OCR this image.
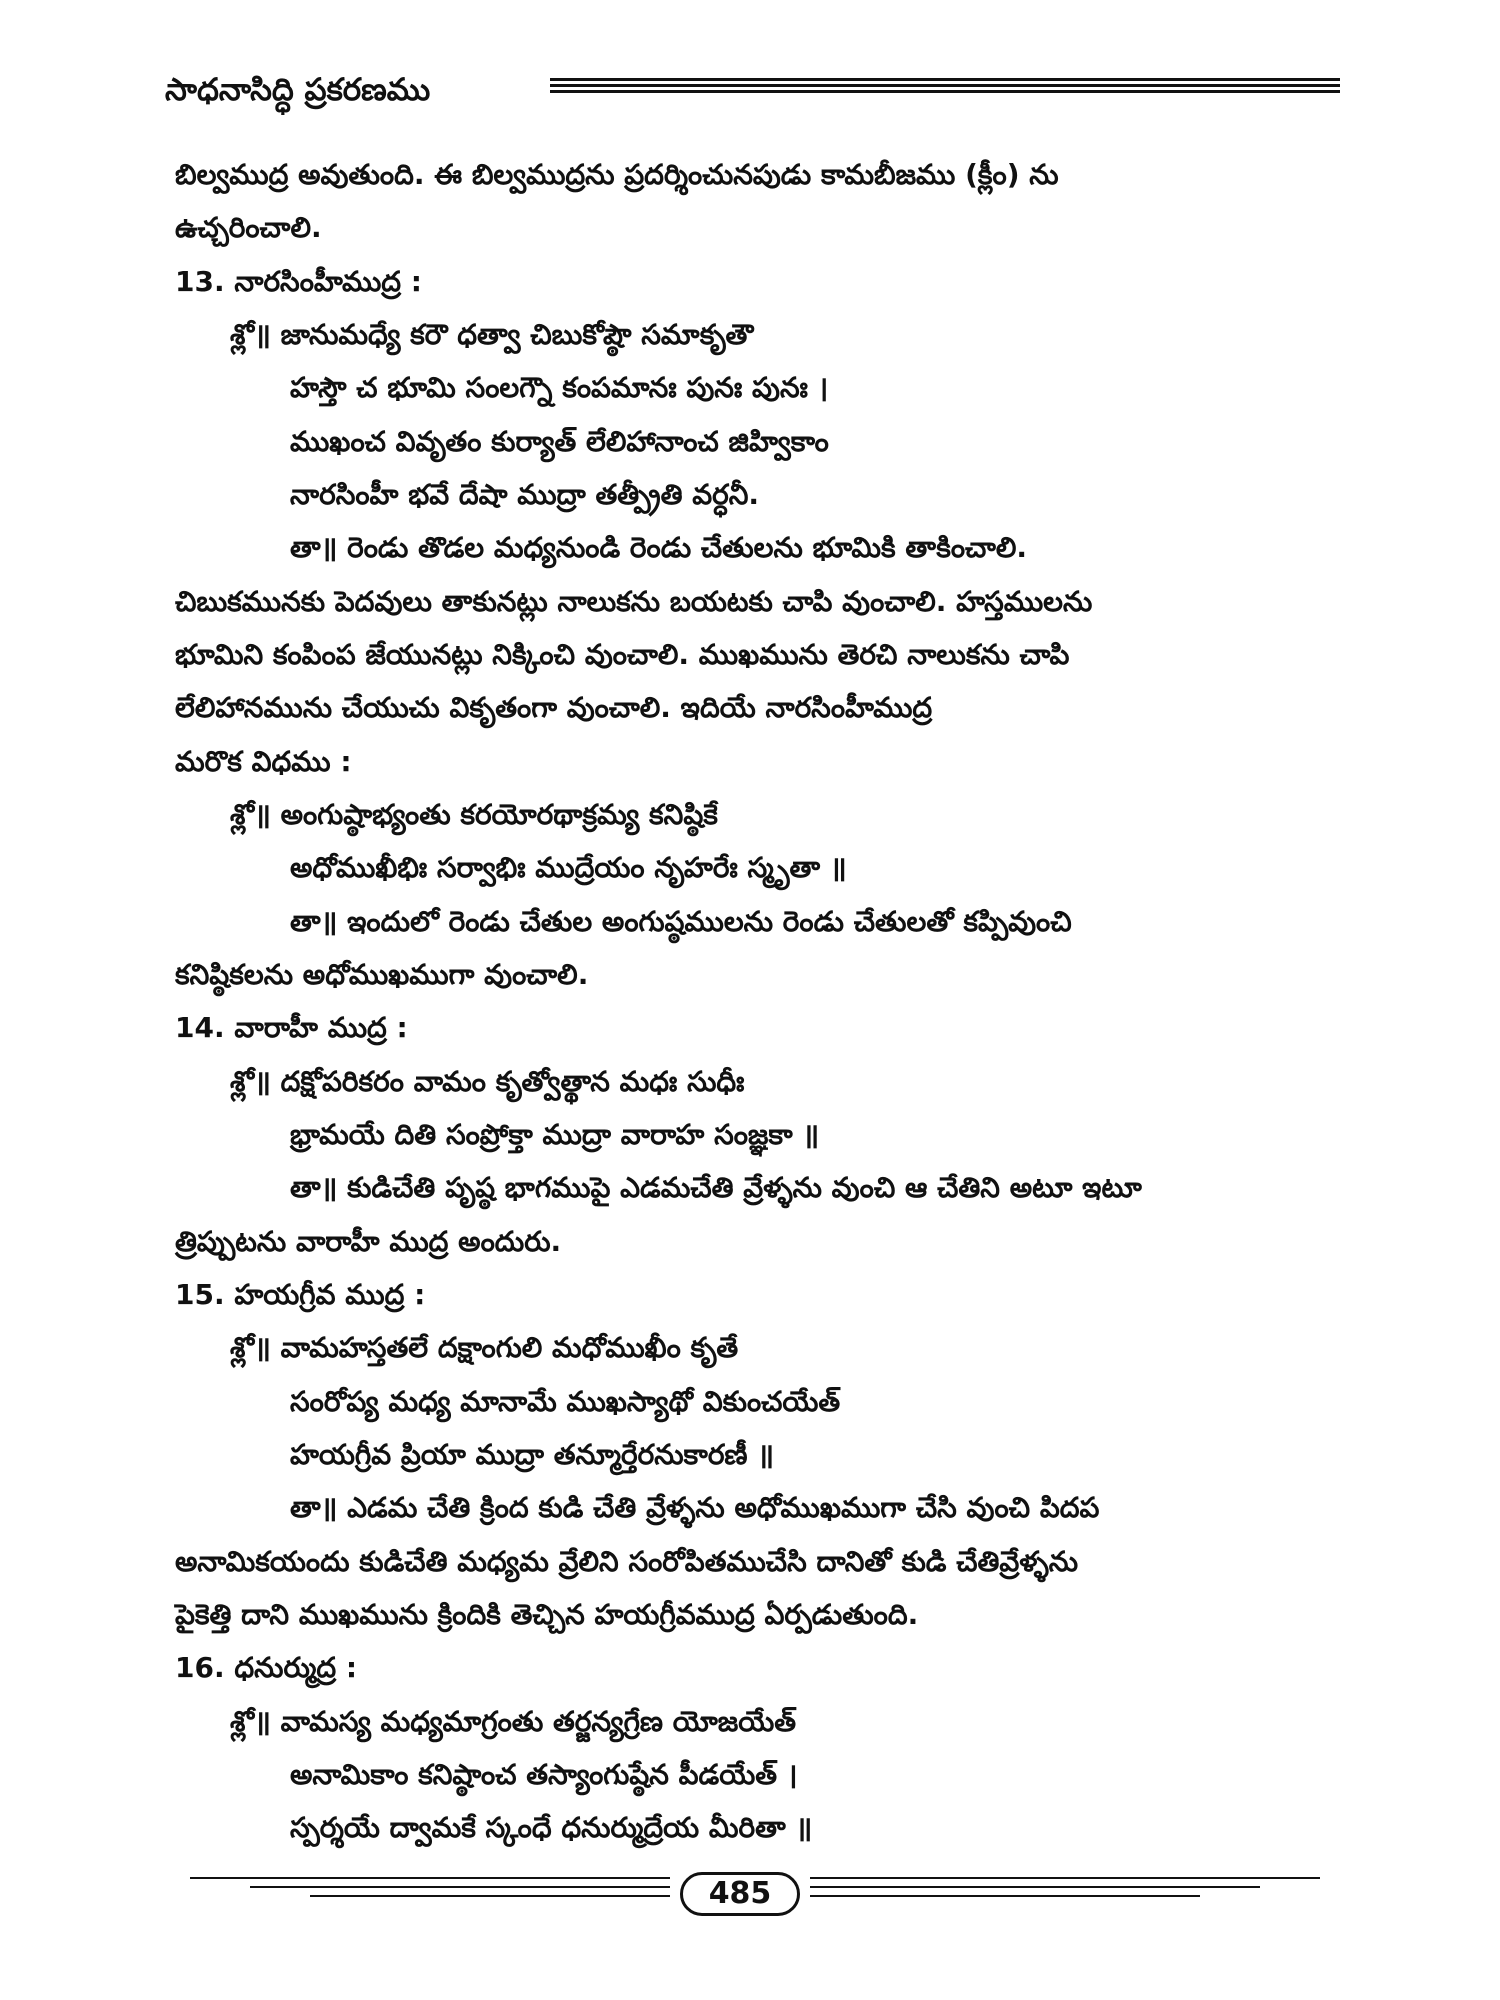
సాధనాసిద్ధి ప్రకరణము
బిల్వముద్ర అవుతుంది. ఈ బిల్వముద్రను ప్రదర్శించునపుడు కామబీజము (క్లీం) ను
ఉచ్చరించాలి.
13. నారసింహీముద్ర :
శ్లో॥ జానుమధ్యే కరౌ ధత్వా చిబుకోష్ఠౌ సమాకృతౌ
హస్తౌ చ భూమి సంలగ్నౌ కంపమానః పునః పునః ।
ముఖంచ వివృతం కుర్యాత్ లేలిహానాంచ జిహ్వికాం
నారసింహీ భవే దేషా ముద్రా తత్ప్రీతి వర్ధనీ.
తా॥ రెండు తొడల మధ్యనుండి రెండు చేతులను భూమికి తాకించాలి.
చిబుకమునకు పెదవులు తాకునట్లు నాలుకను బయటకు చాపి వుంచాలి. హస్తములను
భూమిని కంపింప జేయునట్లు నిక్కించి వుంచాలి. ముఖమును తెరచి నాలుకను చాపి
లేలిహానమును చేయుచు వికృతంగా వుంచాలి. ఇదియే నారసింహీముద్ర
మరొక విధము :
శ్లో॥ అంగుష్ఠాభ్యంతు కరయోరథాక్రమ్య కనిష్ఠికే
అధోముఖీభిః సర్వాభిః ముద్రేయం నృహరేః స్మృతా ॥
తా॥ ఇందులో రెండు చేతుల అంగుష్ఠములను రెండు చేతులతో కప్పివుంచి
కనిష్ఠికలను అధోముఖముగా వుంచాలి.
14. వారాహీ ముద్ర :
శ్లో॥ దక్షోపరికరం వామం కృత్వోత్థాన మధః సుధీః
భ్రామయే దితి సంప్రోక్తా ముద్రా వారాహ సంజ్ఞకా ॥
తా॥ కుడిచేతి పృష్ఠ భాగముపై ఎడమచేతి వ్రేళ్ళను వుంచి ఆ చేతిని అటూ ఇటూ
త్రిప్పుటను వారాహీ ముద్ర అందురు.
15. హయగ్రీవ ముద్ర :
శ్లో॥ వామహస్తతలే దక్షాంగులి మధోముఖీం కృతే
సంరోప్య మధ్య మానామే ముఖస్యాథో వికుంచయేత్
హయగ్రీవ ప్రియా ముద్రా తన్మూర్తేరనుకారణీ ॥
తా॥ ఎడమ చేతి క్రింద కుడి చేతి వ్రేళ్ళను అధోముఖముగా చేసి వుంచి పిదప
అనామికయందు కుడిచేతి మధ్యమ వ్రేలిని సంరోపితముచేసి దానితో కుడి చేతివ్రేళ్ళను
పైకెత్తి దాని ముఖమును క్రిందికి తెచ్చిన హయగ్రీవముద్ర ఏర్పడుతుంది.
16. ధనుర్ముద్ర :
శ్లో॥ వామస్య మధ్యమాగ్రంతు తర్జన్యగ్రేణ యోజయేత్
అనామికాం కనిష్ఠాంచ తస్యాంగుష్ఠేన పీడయేత్ ।
స్పర్శయే ద్వామకే స్కంధే ధనుర్ముద్రేయ మీరితా ॥
485
